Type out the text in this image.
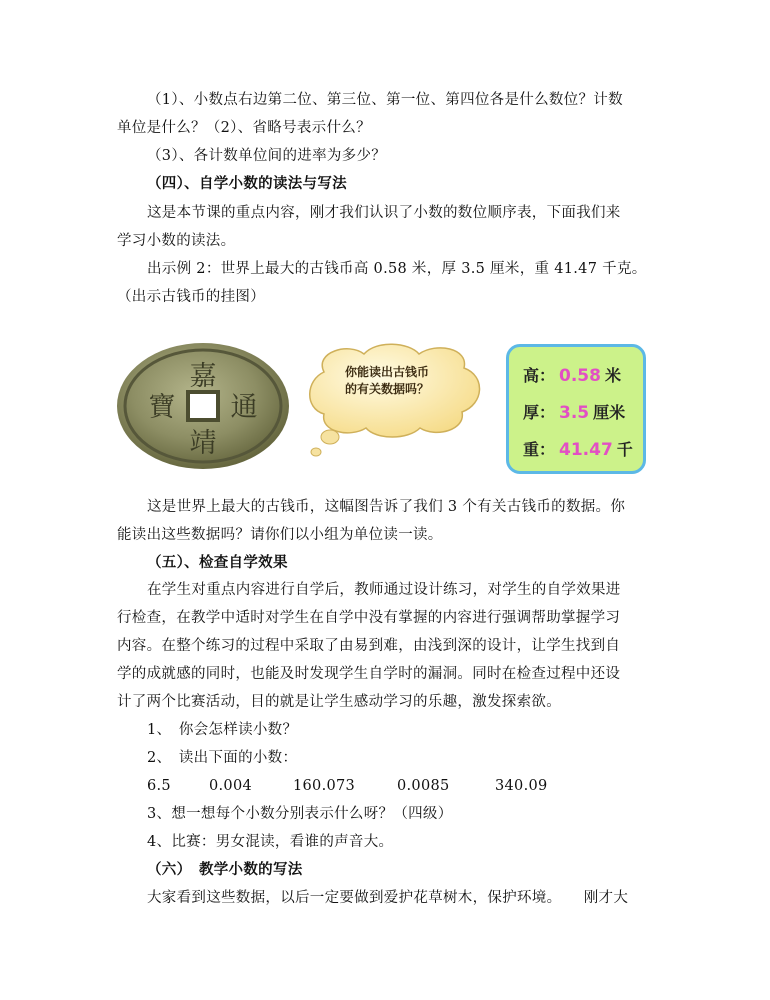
（1）、小数点右边第二位、第三位、第一位、第四位各是什么数位？计数
单位是什么？（2）、省略号表示什么？
（3）、各计数单位间的进率为多少？
（四）、自学小数的读法与写法
这是本节课的重点内容，刚才我们认识了小数的数位顺序表，下面我们来
学习小数的读法。
出示例 2：世界上最大的古钱币高 0.58 米，厚 3.5 厘米，重 41.47 千克。
（出示古钱币的挂图）
嘉
靖
通
寶
你能读出古钱币
的有关数据吗？
高： 0.58 米
厚： 3.5 厘米
重： 41.47 千
这是世界上最大的古钱币，这幅图告诉了我们 3 个有关古钱币的数据。你
能读出这些数据吗？请你们以小组为单位读一读。
（五）、检查自学效果
在学生对重点内容进行自学后，教师通过设计练习，对学生的自学效果进
行检查，在教学中适时对学生在自学中没有掌握的内容进行强调帮助掌握学习
内容。在整个练习的过程中采取了由易到难，由浅到深的设计，让学生找到自
学的成就感的同时，也能及时发现学生自学时的漏洞。同时在检查过程中还设
计了两个比赛活动，目的就是让学生感动学习的乐趣，激发探索欲。
1、　你会怎样读小数？
2、　读出下面的小数：
6.5	0.004	160.073	0.0085	340.09
3、想一想每个小数分别表示什么呀？（四级）
4、比赛：男女混读，看谁的声音大。
（六）　教学小数的写法
大家看到这些数据，以后一定要做到爱护花草树木，保护环境。　　刚才大
